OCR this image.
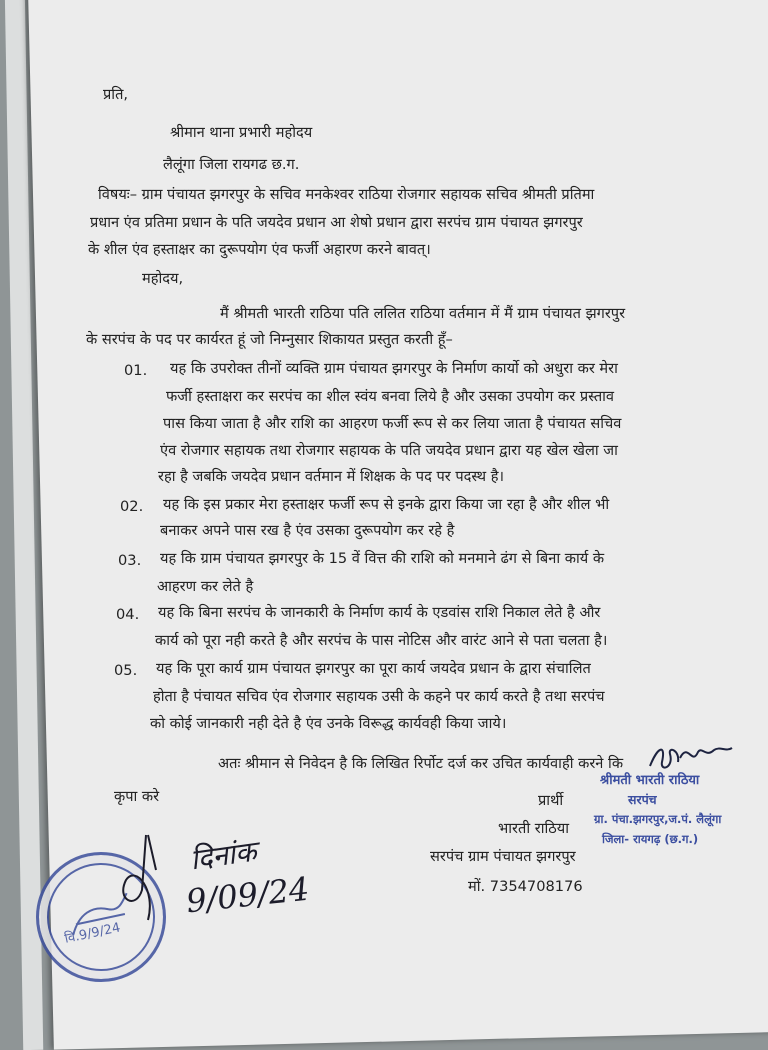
प्रति,
श्रीमान थाना प्रभारी महोदय
लैलूंगा जिला रायगढ छ.ग.
विषयः– ग्राम पंचायत झगरपुर के सचिव मनकेश्वर राठिया रोजगार सहायक सचिव श्रीमती प्रतिमा
प्रधान एंव प्रतिमा प्रधान के पति जयदेव प्रधान आ शेषो प्रधान द्वारा सरपंच ग्राम पंचायत झगरपुर
के शील एंव हस्ताक्षर का दुरूपयोग एंव फर्जी अहारण करने बावत्।
महोदय,
मैं श्रीमती भारती राठिया पति ललित राठिया वर्तमान में मैं ग्राम पंचायत झगरपुर
के सरपंच के पद पर कार्यरत हूं जो निम्नुसार शिकायत प्रस्तुत करती हूँ–
01. यह कि उपरोक्त तीनों व्यक्ति ग्राम पंचायत झगरपुर के निर्माण कार्यो को अधुरा कर मेरा
फर्जी हस्ताक्षरा कर सरपंच का शील स्वंय बनवा लिये है और उसका उपयोग कर प्रस्ताव
पास किया जाता है और राशि का आहरण फर्जी रूप से कर लिया जाता है पंचायत सचिव
एंव रोजगार सहायक तथा रोजगार सहायक के पति जयदेव प्रधान द्वारा यह खेल खेला जा
रहा है जबकि जयदेव प्रधान वर्तमान में शिक्षक के पद पर पदस्थ है।
02. यह कि इस प्रकार मेरा हस्ताक्षर फर्जी रूप से इनके द्वारा किया जा रहा है और शील भी
बनाकर अपने पास रख है एंव उसका दुरूपयोग कर रहे है
03. यह कि ग्राम पंचायत झगरपुर के 15 वें वित्त की राशि को मनमाने ढंग से बिना कार्य के
आहरण कर लेते है
04. यह कि बिना सरपंच के जानकारी के निर्माण कार्य के एडवांस राशि निकाल लेते है और
कार्य को पूरा नही करते है और सरपंच के पास नोटिस और वारंट आने से पता चलता है।
05. यह कि पूरा कार्य ग्राम पंचायत झगरपुर का पूरा कार्य जयदेव प्रधान के द्वारा संचालित
होता है पंचायत सचिव एंव रोजगार सहायक उसी के कहने पर कार्य करते है तथा सरपंच
को कोई जानकारी नही देते है एंव उनके विरूद्ध कार्यवही किया जाये।
अतः श्रीमान से निवेदन है कि लिखित रिर्पोट दर्ज कर उचित कार्यवाही करने कि
कृपा करे
श्रीमती भारती राठिया
सरपंच
ग्रा. पंचा.झगरपुर,ज.पं. लैलूंगा
जिला- रायगढ़ (छ.ग.)
प्रार्थी
भारती राठिया
सरपंच ग्राम पंचायत झगरपुर
मों. 7354708176
दिनांक
9/09/24
वि.9/9/24
